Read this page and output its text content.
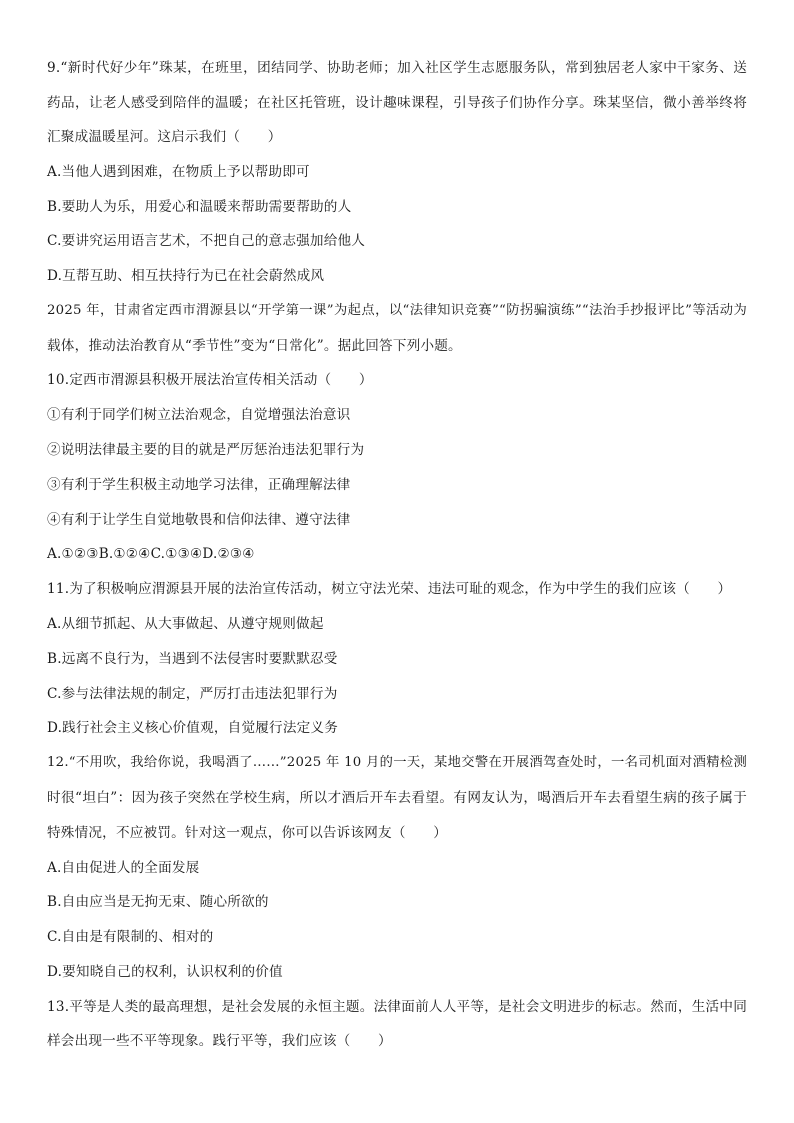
9.“新时代好少年”珠某，在班里，团结同学、协助老师；加入社区学生志愿服务队，常到独居老人家中干家务、送
药品，让老人感受到陪伴的温暖；在社区托管班，设计趣味课程，引导孩子们协作分享。珠某坚信，微小善举终将
汇聚成温暖星河。这启示我们（　　）
A.当他人遇到困难，在物质上予以帮助即可
B.要助人为乐，用爱心和温暖来帮助需要帮助的人
C.要讲究运用语言艺术，不把自己的意志强加给他人
D.互帮互助、相互扶持行为已在社会蔚然成风
2025 年，甘肃省定西市渭源县以“开学第一课”为起点，以“法律知识竞赛”“防拐骗演练”“法治手抄报评比”等活动为
载体，推动法治教育从“季节性”变为“日常化”。据此回答下列小题。
10.定西市渭源县积极开展法治宣传相关活动（　　）
①有利于同学们树立法治观念，自觉增强法治意识
②说明法律最主要的目的就是严厉惩治违法犯罪行为
③有利于学生积极主动地学习法律，正确理解法律
④有利于让学生自觉地敬畏和信仰法律、遵守法律
A.①②③B.①②④C.①③④D.②③④
11.为了积极响应渭源县开展的法治宣传活动，树立守法光荣、违法可耻的观念，作为中学生的我们应该（　　）
A.从细节抓起、从大事做起、从遵守规则做起
B.远离不良行为，当遇到不法侵害时要默默忍受
C.参与法律法规的制定，严厉打击违法犯罪行为
D.践行社会主义核心价值观，自觉履行法定义务
12.“不用吹，我给你说，我喝酒了……”2025 年 10 月的一天，某地交警在开展酒驾查处时，一名司机面对酒精检测
时很“坦白”：因为孩子突然在学校生病，所以才酒后开车去看望。有网友认为，喝酒后开车去看望生病的孩子属于
特殊情况，不应被罚。针对这一观点，你可以告诉该网友（　　）
A.自由促进人的全面发展
B.自由应当是无拘无束、随心所欲的
C.自由是有限制的、相对的
D.要知晓自己的权利，认识权利的价值
13.平等是人类的最高理想，是社会发展的永恒主题。法律面前人人平等，是社会文明进步的标志。然而，生活中同
样会出现一些不平等现象。践行平等，我们应该（　　）
